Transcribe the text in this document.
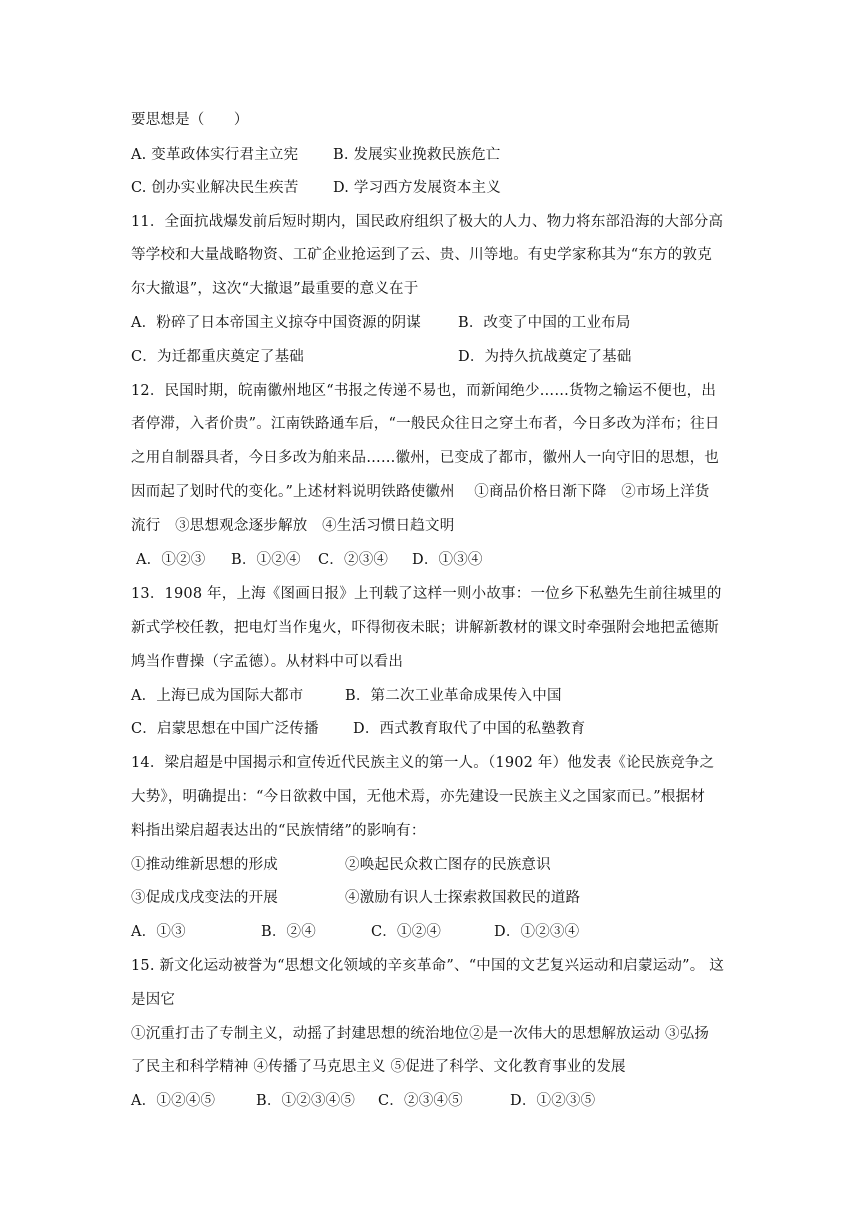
要思想是（　　）
A. 变革政体实行君主立宪 B. 发展实业挽救民族危亡
C. 创办实业解决民生疾苦 D. 学习西方发展资本主义
11．全面抗战爆发前后短时期内，国民政府组织了极大的人力、物力将东部沿海的大部分高
等学校和大量战略物资、工矿企业抢运到了云、贵、川等地。有史学家称其为“东方的敦克
尔大撤退”，这次“大撤退”最重要的意义在于
A．粉碎了日本帝国主义掠夺中国资源的阴谋	B．改变了中国的工业布局
C．为迁都重庆奠定了基础	D．为持久抗战奠定了基础
12．民国时期，皖南徽州地区“书报之传递不易也，而新闻绝少……货物之输运不便也，出
者停滞，入者价贵”。江南铁路通车后，“一般民众往日之穿土布者，今日多改为洋布；往日
之用自制器具者，今日多改为舶来品……徽州，已变成了都市，徽州人一向守旧的思想，也
因而起了划时代的变化。”上述材料说明铁路使徽州　 ①商品价格日渐下降　②市场上洋货
流行　③思想观念逐步解放　④生活习惯日趋文明
A．①②③ B．①②④ C．②③④ D．①③④
13．1908 年，上海《图画日报》上刊载了这样一则小故事：一位乡下私塾先生前往城里的
新式学校任教，把电灯当作鬼火，吓得彻夜未眠；讲解新教材的课文时牵强附会地把孟德斯
鸠当作曹操（字孟德）。从材料中可以看出
A．上海已成为国际大都市	B．第二次工业革命成果传入中国
C．启蒙思想在中国广泛传播 D．西式教育取代了中国的私塾教育
14．梁启超是中国揭示和宣传近代民族主义的第一人。（1902 年）他发表《论民族竞争之
大势》，明确提出：“今日欲救中国，无他术焉，亦先建设一民族主义之国家而已。”根据材
料指出梁启超表达出的“民族情绪”的影响有：
①推动维新思想的形成	②唤起民众救亡图存的民族意识
③促成戊戌变法的开展	④激励有识人士探索救国救民的道路
A．①③	B．②④	C．①②④	D．①②③④
15. 新文化运动被誉为“思想文化领域的辛亥革命”、“中国的文艺复兴运动和启蒙运动”。 这
是因它
①沉重打击了专制主义，动摇了封建思想的统治地位②是一次伟大的思想解放运动 ③弘扬
了民主和科学精神 ④传播了马克思主义 ⑤促进了科学、文化教育事业的发展
A．①②④⑤	B．①②③④⑤ C．②③④⑤	D．①②③⑤
